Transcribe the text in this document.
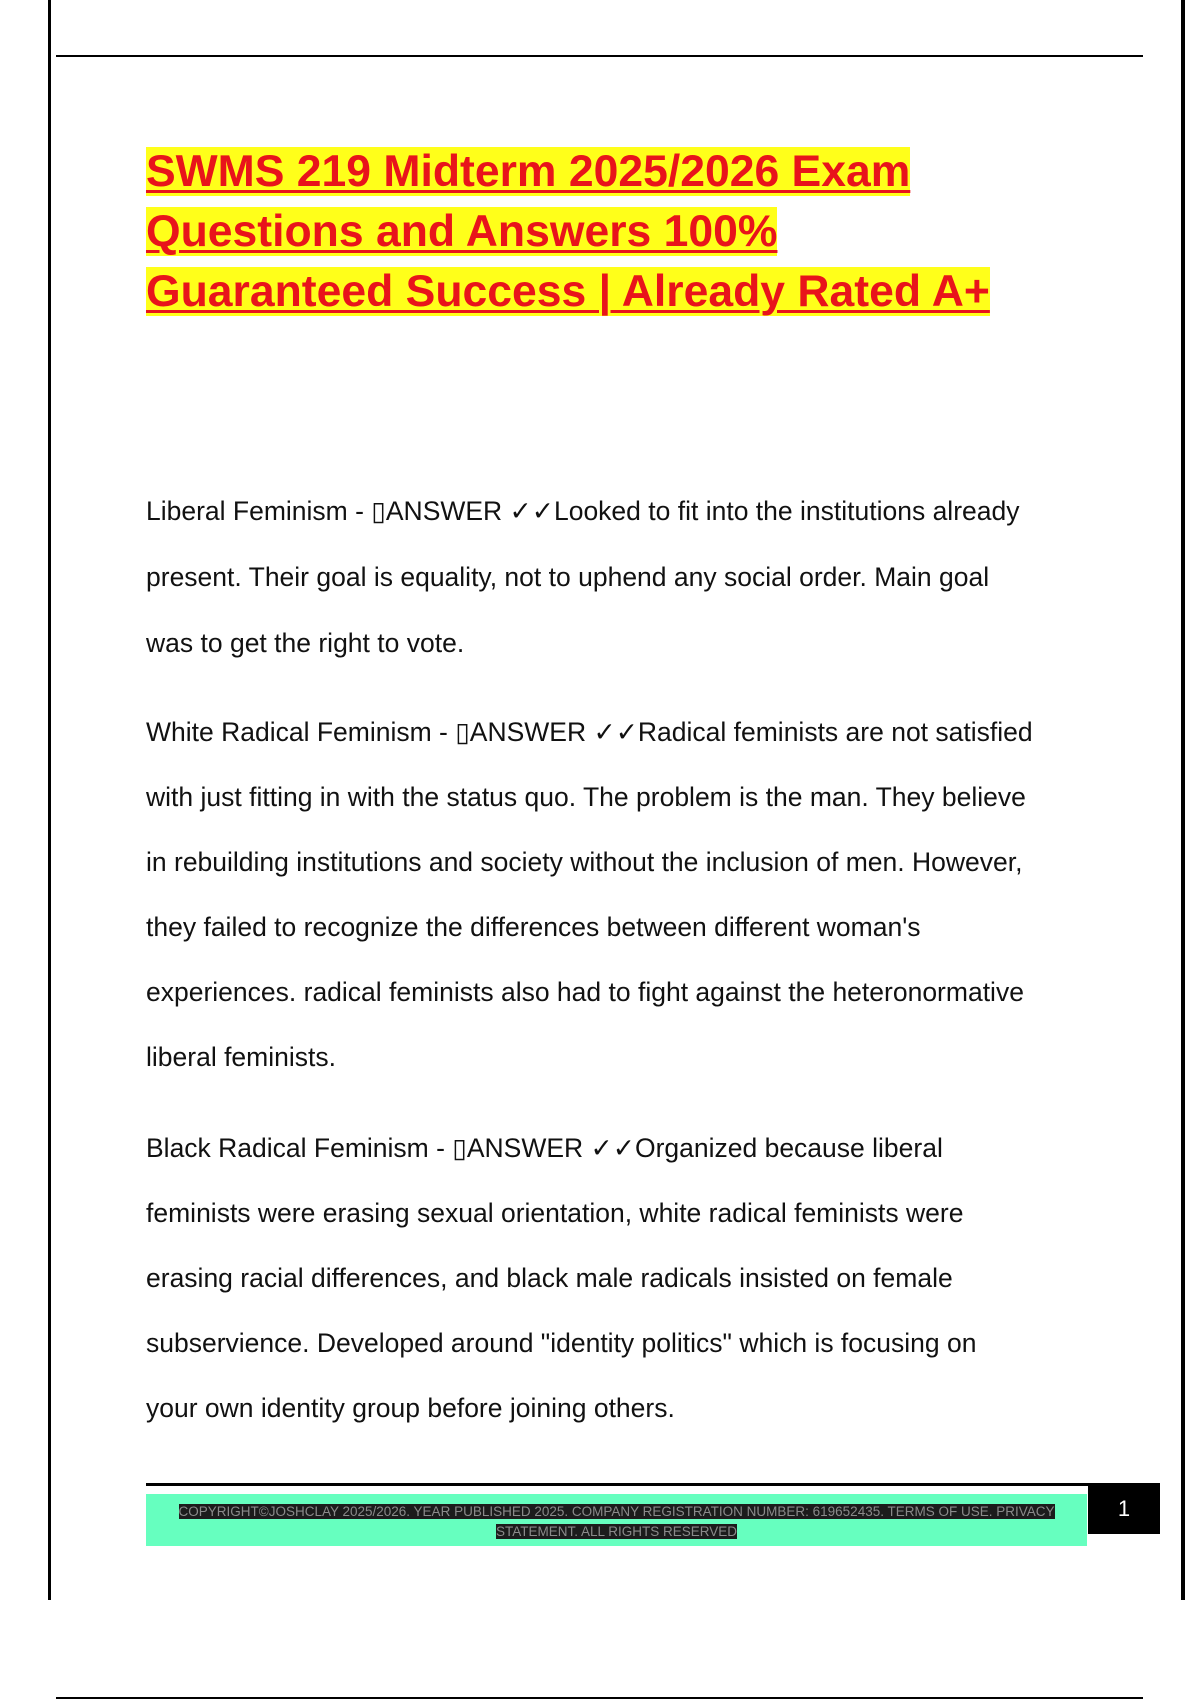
SWMS 219 Midterm 2025/2026 Exam
Questions and Answers 100%
Guaranteed Success | Already Rated A+

Liberal Feminism - ▯ANSWER ✓✓Looked to fit into the institutions already
present. Their goal is equality, not to uphend any social order. Main goal
was to get the right to vote.

White Radical Feminism - ▯ANSWER ✓✓Radical feminists are not satisfied
with just fitting in with the status quo. The problem is the man. They believe
in rebuilding institutions and society without the inclusion of men. However,
they failed to recognize the differences between different woman's
experiences. radical feminists also had to fight against the heteronormative
liberal feminists.

Black Radical Feminism - ▯ANSWER ✓✓Organized because liberal
feminists were erasing sexual orientation, white radical feminists were
erasing racial differences, and black male radicals insisted on female
subservience. Developed around "identity politics" which is focusing on
your own identity group before joining others.

COPYRIGHT©JOSHCLAY 2025/2026. YEAR PUBLISHED 2025. COMPANY REGISTRATION NUMBER: 619652435. TERMS OF USE. PRIVACY
STATEMENT. ALL RIGHTS RESERVED
1
